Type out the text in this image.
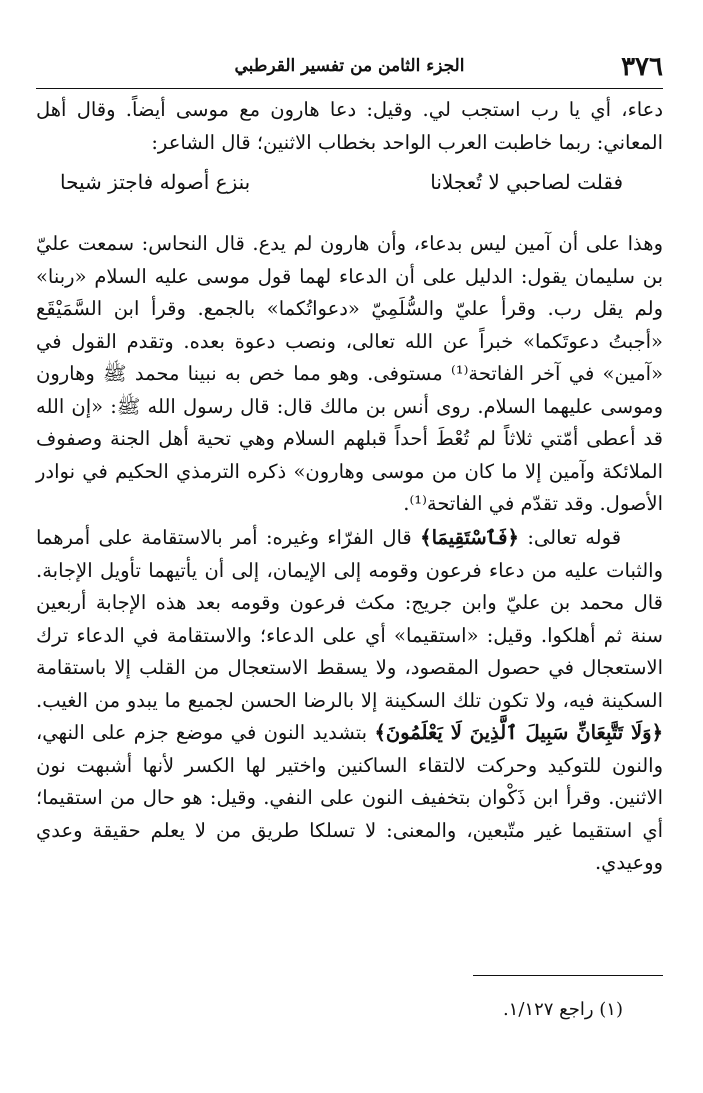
٣٧٦
الجزء الثامن من تفسير القرطبي

دعاء، أي يا رب استجب لي. وقيل: دعا هارون مع موسى أيضاً. وقال أهل المعاني: ربما خاطبت العرب الواحد بخطاب الاثنين؛ قال الشاعر:

فقلت لصاحبي لا تُعجلانا
بنزع أصوله فاجتز شيحا

وهذا على أن آمين ليس بدعاء، وأن هارون لم يدع. قال النحاس: سمعت عليّ بن سليمان يقول: الدليل على أن الدعاء لهما قول موسى عليه السلام «ربنا» ولم يقل رب. وقرأ عليّ والسُّلَمِيّ «دعواتُكما» بالجمع. وقرأ ابن السَّمَيْقَع «أجبتُ دعوتَكما» خبراً عن الله تعالى، ونصب دعوة بعده. وتقدم القول في «آمين» في آخر الفاتحة⁽¹⁾ مستوفى. وهو مما خص به نبينا محمد ﷺ وهارون وموسى عليهما السلام. روى أنس بن مالك قال: قال رسول الله ﷺ: «إن الله قد أعطى أمّتي ثلاثاً لم تُعْطَ أحداً قبلهم السلام وهي تحية أهل الجنة وصفوف الملائكة وآمين إلا ما كان من موسى وهارون» ذكره الترمذي الحكيم في نوادر الأصول. وقد تقدّم في الفاتحة⁽¹⁾.

قوله تعالى: ﴿فَٱسْتَقِيمَا﴾ قال الفرّاء وغيره: أمر بالاستقامة على أمرهما والثبات عليه من دعاء فرعون وقومه إلى الإيمان، إلى أن يأتيهما تأويل الإجابة. قال محمد بن عليّ وابن جريج: مكث فرعون وقومه بعد هذه الإجابة أربعين سنة ثم أهلكوا. وقيل: «استقيما» أي على الدعاء؛ والاستقامة في الدعاء ترك الاستعجال في حصول المقصود، ولا يسقط الاستعجال من القلب إلا باستقامة السكينة فيه، ولا تكون تلك السكينة إلا بالرضا الحسن لجميع ما يبدو من الغيب. ﴿وَلَا تَتَّبِعَانِّ سَبِيلَ ٱلَّذِينَ لَا يَعْلَمُونَ﴾ بتشديد النون في موضع جزم على النهي، والنون للتوكيد وحركت لالتقاء الساكنين واختير لها الكسر لأنها أشبهت نون الاثنين. وقرأ ابن ذَكْوان بتخفيف النون على النفي. وقيل: هو حال من استقيما؛ أي استقيما غير متّبعين، والمعنى: لا تسلكا طريق من لا يعلم حقيقة وعدي ووعيدي.

(١) راجع ١/١٢٧.
